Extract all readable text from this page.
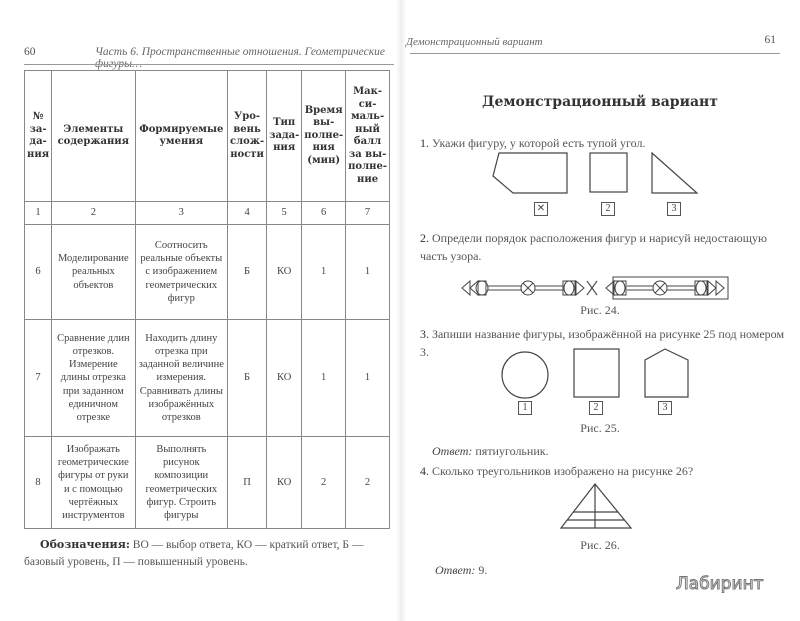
60	Часть 6. Пространственные отношения. Геометрические фигуры…
№ за-да-ния	Элементы содержания	Формируемые умения	Уро-вень слож-ности	Тип зада-ния	Время вы-полне-ния (мин)	Мак-си-маль-ный балл за вы-полне-ние
1	2	3	4	5	6	7
6	Моделирование реальных объектов	Соотносить реальные объекты с изображением геометрических фигур	Б	КО	1	1
7	Сравнение длин отрезков. Измерение длины отрезка при заданном единичном отрезке	Находить длину отрезка при заданной величине измерения. Сравнивать длины изображённых отрезков	Б	КО	1	1
8	Изображать геометрические фигуры от руки и с помощью чертёжных инструментов	Выполнять рисунок композиции геометрических фигур. Строить фигуры	П	КО	2	2
Обозначения: ВО — выбор ответа, КО — краткий ответ, Б — базовый уровень, П — повышенный уровень.
Демонстрационный вариант	61
Демонстрационный вариант
1. Укажи фигуру, у которой есть тупой угол.
✕	2	3
2. Определи порядок расположения фигур и нарисуй недостающую часть узора.
Рис. 24.
3. Запиши название фигуры, изображённой на рисунке 25 под номером 3.
1	2	3
Рис. 25.
Ответ: пятиугольник.
4. Сколько треугольников изображено на рисунке 26?
Рис. 26.
Ответ: 9.
Лабиринт
